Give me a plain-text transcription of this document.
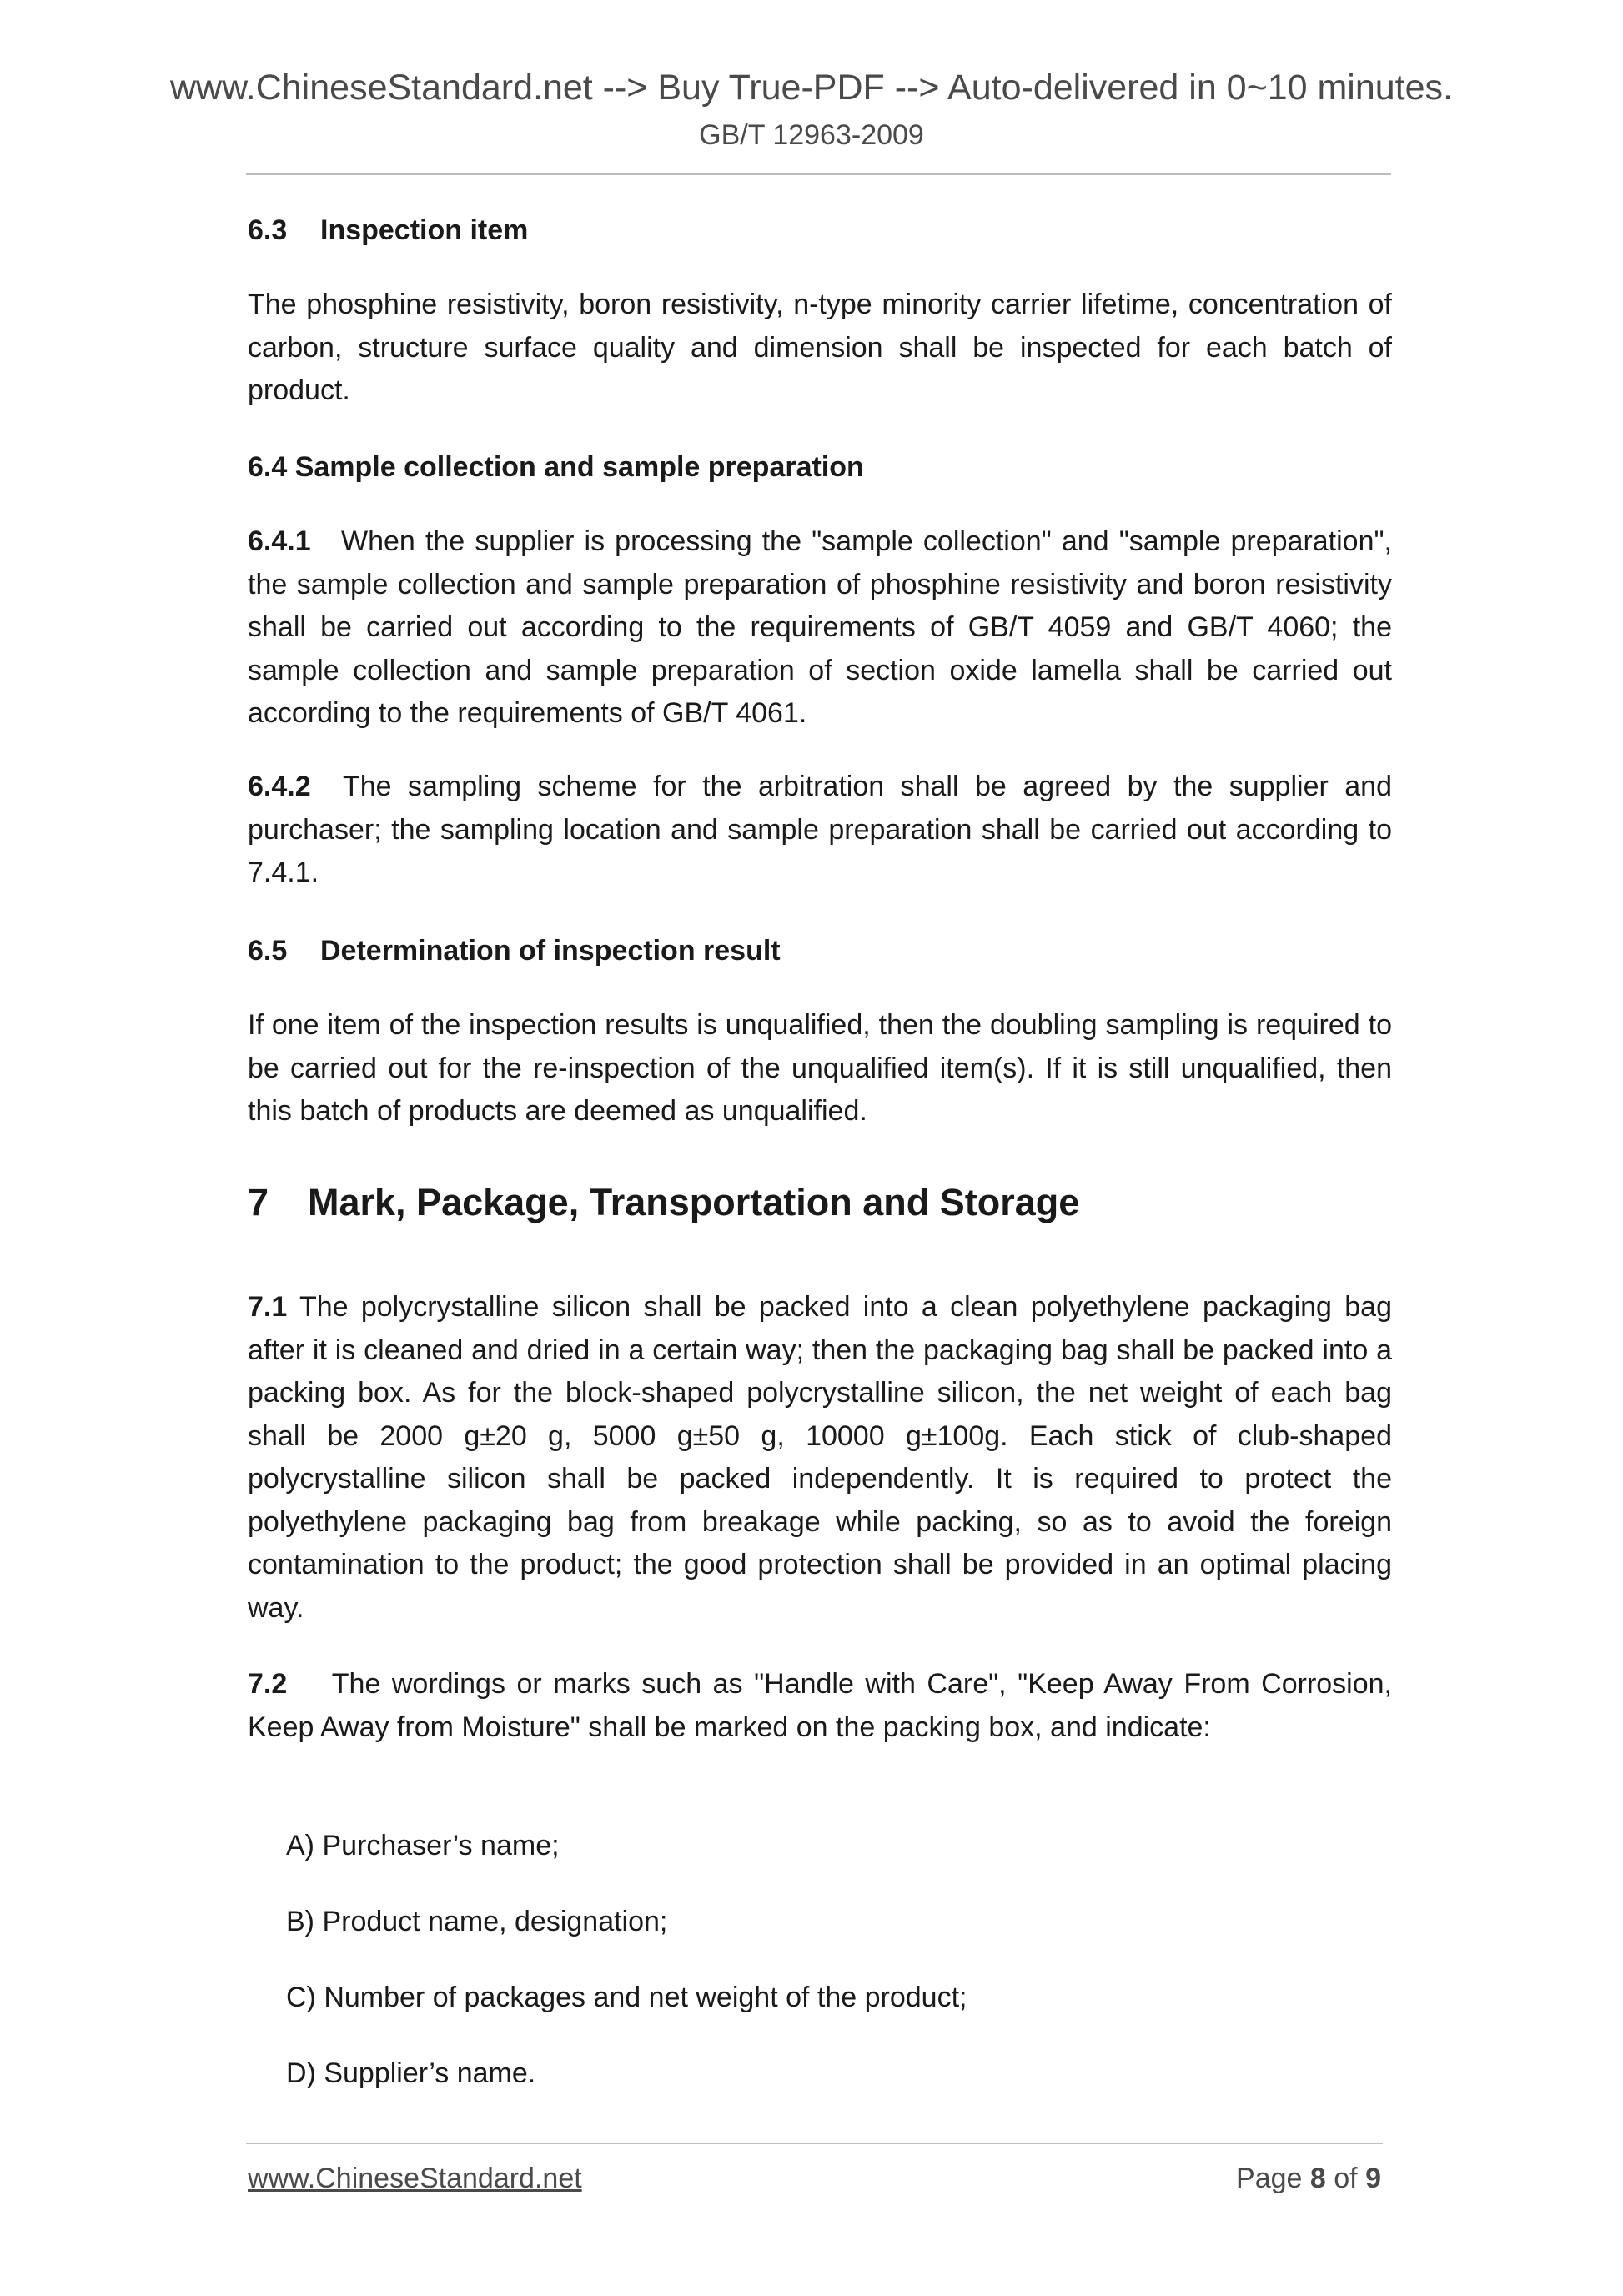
www.ChineseStandard.net --> Buy True-PDF --> Auto-delivered in 0~10 minutes.
GB/T 12963-2009
6.3 Inspection item
The phosphine resistivity, boron resistivity, n-type minority carrier lifetime, concentration of carbon, structure surface quality and dimension shall be inspected for each batch of product.
6.4 Sample collection and sample preparation
6.4.1 When the supplier is processing the "sample collection" and "sample preparation", the sample collection and sample preparation of phosphine resistivity and boron resistivity shall be carried out according to the requirements of GB/T 4059 and GB/T 4060; the sample collection and sample preparation of section oxide lamella shall be carried out according to the requirements of GB/T 4061.
6.4.2 The sampling scheme for the arbitration shall be agreed by the supplier and purchaser; the sampling location and sample preparation shall be carried out according to 7.4.1.
6.5 Determination of inspection result
If one item of the inspection results is unqualified, then the doubling sampling is required to be carried out for the re-inspection of the unqualified item(s). If it is still unqualified, then this batch of products are deemed as unqualified.
7 Mark, Package, Transportation and Storage
7.1 The polycrystalline silicon shall be packed into a clean polyethylene packaging bag after it is cleaned and dried in a certain way; then the packaging bag shall be packed into a packing box. As for the block-shaped polycrystalline silicon, the net weight of each bag shall be 2000 g±20 g, 5000 g±50 g, 10000 g±100g. Each stick of club-shaped polycrystalline silicon shall be packed independently. It is required to protect the polyethylene packaging bag from breakage while packing, so as to avoid the foreign contamination to the product; the good protection shall be provided in an optimal placing way.
7.2 The wordings or marks such as "Handle with Care", "Keep Away From Corrosion, Keep Away from Moisture" shall be marked on the packing box, and indicate:
A) Purchaser’s name;
B) Product name, designation;
C) Number of packages and net weight of the product;
D) Supplier’s name.
www.ChineseStandard.net	Page 8 of 9
